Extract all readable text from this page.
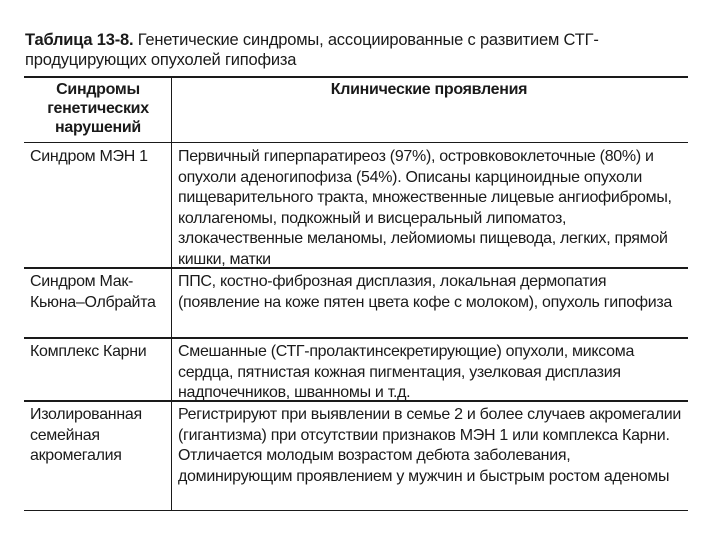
Таблица 13-8. Генетические синдромы, ассоциированные с развитием СТГ-продуцирующих опухолей гипофиза
Синдромы генетических нарушений
Клинические проявления
Синдром МЭН 1	Первичный гиперпаратиреоз (97%), островковоклеточные (80%) и опухоли аденогипофиза (54%). Описаны карциноидные опухоли пищеварительного тракта, множественные лицевые ангиофибромы, коллагеномы, подкожный и висцеральный липоматоз, злокачественные меланомы, лейомиомы пищевода, легких, прямой кишки, матки
Синдром Мак-Кьюна–Олбрайта
ППС, костно-фиброзная дисплазия, локальная дермопатия (появление на коже пятен цвета кофе с молоком), опухоль гипофиза
Комплекс Карни	Смешанные (СТГ-пролактинсекретирующие) опухоли, миксома сердца, пятнистая кожная пигментация, узелковая дисплазия надпочечников, шванномы и т.д.
Изолированная семейная акромегалия
Регистрируют при выявлении в семье 2 и более случаев акромегалии (гигантизма) при отсутствии признаков МЭН 1 или комплекса Карни. Отличается молодым возрастом дебюта заболевания, доминирующим проявлением у мужчин и быстрым ростом аденомы
